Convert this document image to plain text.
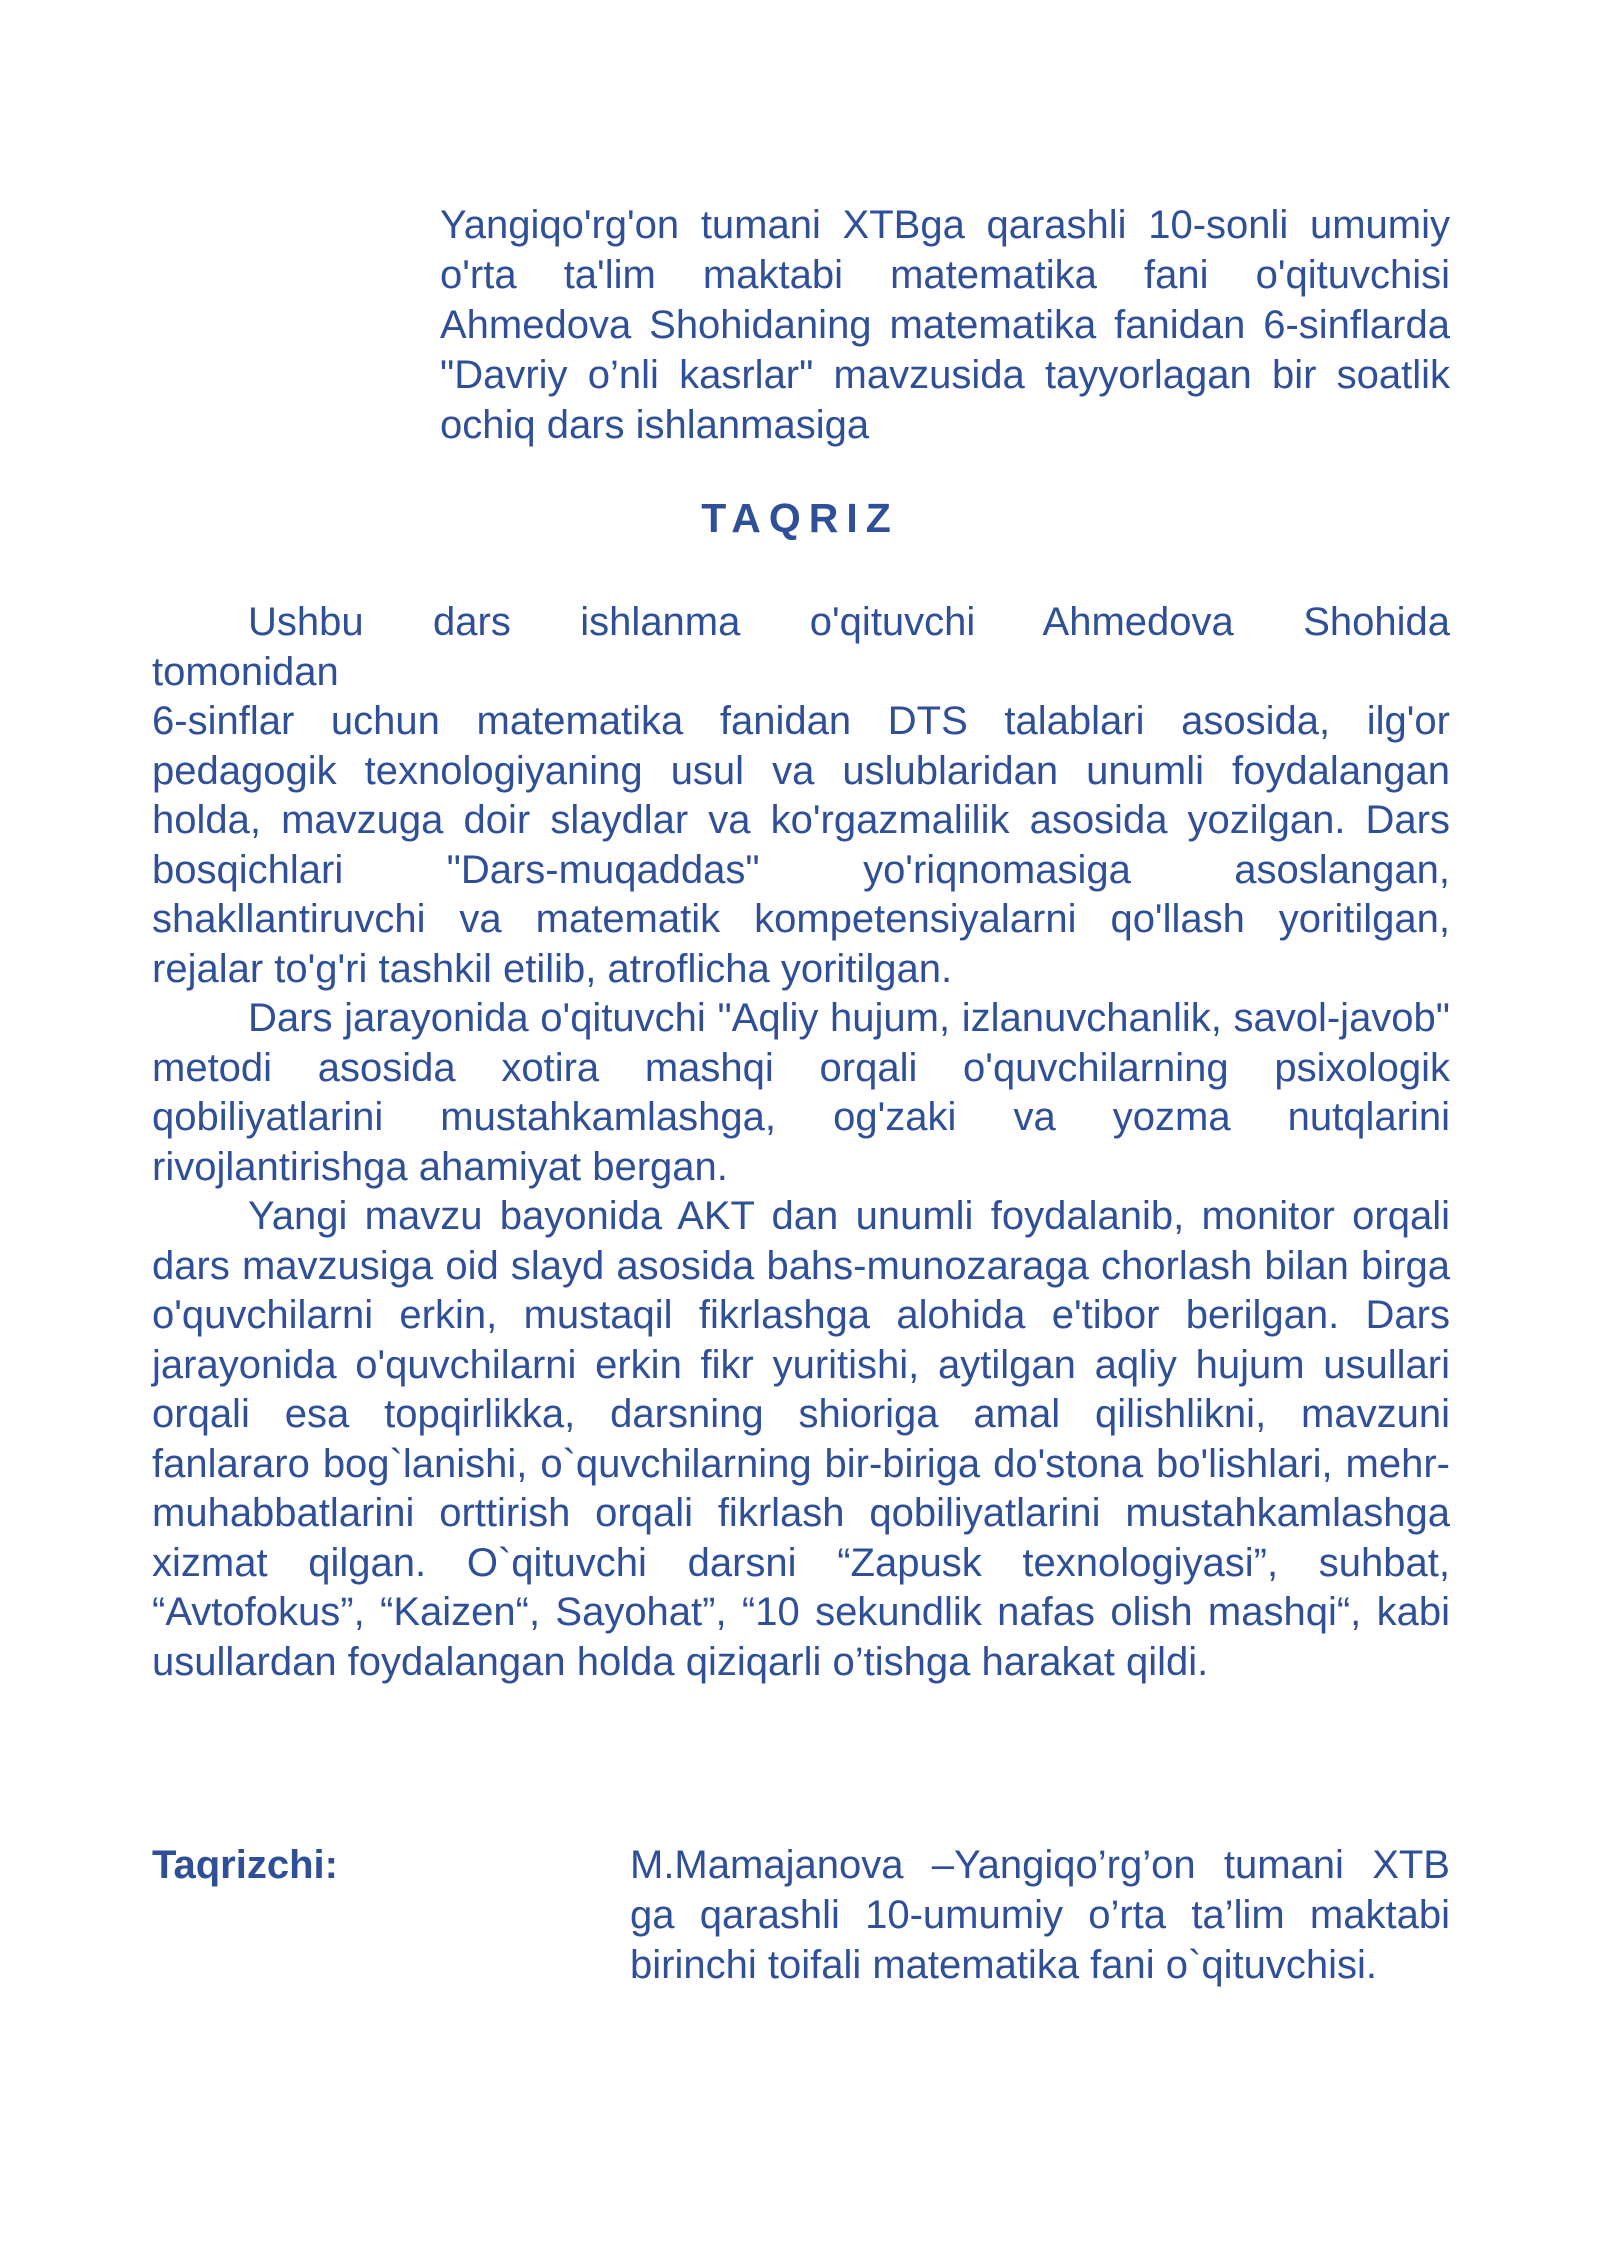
Yangiqo'rg'on tumani XTBga qarashli 10-sonli umumiy o'rta ta'lim maktabi matematika fani o'qituvchisi Ahmedova Shohidaning matematika fanidan 6-sinflarda "Davriy o’nli kasrlar" mavzusida tayyorlagan bir soatlik ochiq dars ishlanmasiga
TAQRIZ

Ushbu dars ishlanma o'qituvchi Ahmedova Shohida

tomonidan

6-sinflar uchun matematika fanidan DTS talablari asosida, ilg'or pedagogik texnologiyaning usul va uslublaridan unumli foydalangan holda, mavzuga doir slaydlar va ko'rgazmalilik asosida yozilgan. Dars bosqichlari "Dars-muqaddas" yo'riqnomasiga asoslangan, shakllantiruvchi va matematik kompetensiyalarni qo'llash yoritilgan, rejalar to'g'ri tashkil etilib, atroflicha yoritilgan.

Dars jarayonida o'qituvchi "Aqliy hujum, izlanuvchanlik, savol-javob" metodi asosida xotira mashqi orqali o'quvchilarning psixologik qobiliyatlarini mustahkamlashga, og'zaki va yozma nutqlarini rivojlantirishga ahamiyat bergan.

Yangi mavzu bayonida AKT dan unumli foydalanib, monitor orqali dars mavzusiga oid slayd asosida bahs-munozaraga chorlash bilan birga o'quvchilarni erkin, mustaqil fikrlashga alohida e'tibor berilgan. Dars jarayonida o'quvchilarni erkin fikr yuritishi, aytilgan aqliy hujum usullari orqali esa topqirlikka, darsning shioriga amal qilishlikni, mavzuni fanlararo bog`lanishi, o`quvchilarning bir-biriga do'stona bo'lishlari, mehr-muhabbatlarini orttirish orqali fikrlash qobiliyatlarini mustahkamlashga xizmat qilgan. O`qituvchi darsni “Zapusk texnologiyasi”, suhbat, “Avtofokus”, “Kaizen“, Sayohat”, “10 sekundlik nafas olish mashqi“, kabi usullardan foydalangan holda qiziqarli o’tishga harakat qildi.

Taqrizchi:	M.Mamajanova –Yangiqo’rg’on tumani XTB ga qarashli 10-umumiy o’rta ta’lim maktabi birinchi toifali matematika fani o`qituvchisi.
